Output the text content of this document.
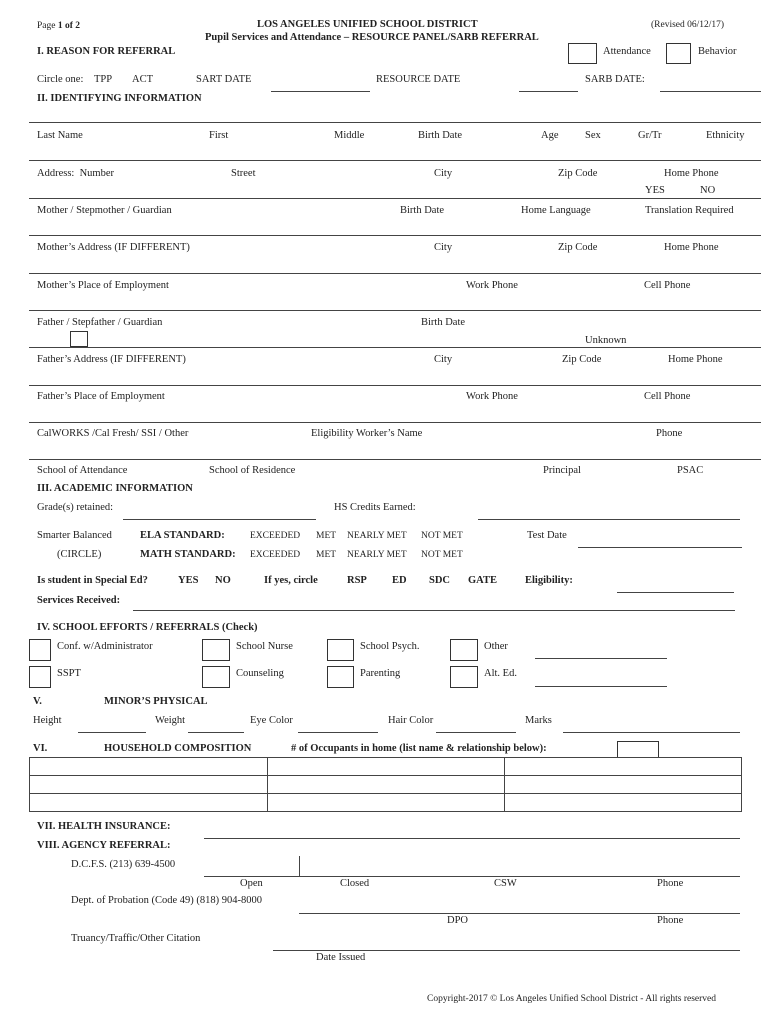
Page 1 of 2	LOS ANGELES UNIFIED SCHOOL DISTRICT
Pupil Services and Attendance – RESOURCE PANEL/SARB REFERRAL
(Revised 06/12/17)
I. REASON FOR REFERRAL	Attendance	Behavior
Circle one: TPP ACT	SART DATE	RESOURCE DATE	SARB DATE:
II. IDENTIFYING INFORMATION
Last Name	First	Middle	Birth Date	Age	Sex	Gr/Tr	Ethnicity
Address: Number	Street	City	Zip Code	Home Phone
YES	NO
Mother / Stepmother / Guardian	Birth Date	Home Language	Translation Required
Mother’s Address (IF DIFFERENT)	City	Zip Code	Home Phone
Mother’s Place of Employment	Work Phone	Cell Phone
Father / Stepfather / Guardian	Birth Date
Unknown
Father’s Address (IF DIFFERENT)	City	Zip Code	Home Phone
Father’s Place of Employment	Work Phone	Cell Phone
CalWORKS /Cal Fresh/ SSI / Other	Eligibility Worker’s Name	Phone
School of Attendance	School of Residence	Principal	PSAC
III. ACADEMIC INFORMATION
Grade(s) retained:	HS Credits Earned:
Smarter Balanced
(CIRCLE)
ELA STANDARD:	EXCEEDED MET NEARLY MET NOT MET	Test Date
MATH STANDARD: EXCEEDED MET NEARLY MET NOT MET
Is student in Special Ed?	YES NO	If yes, circle	RSP ED SDC GATE	Eligibility:
Services Received:
IV. SCHOOL EFFORTS / REFERRALS (Check)
Conf. w/Administrator	School Nurse	School Psych.	Other
SSPT	Counseling	Parenting	Alt. Ed.
V.	MINOR’S PHYSICAL
Height	Weight	Eye Color	Hair Color	Marks
VI.	HOUSEHOLD COMPOSITION	# of Occupants in home (list name & relationship below):

VII. HEALTH INSURANCE:
VIII. AGENCY REFERRAL:
D.C.F.S. (213) 639-4500
Open	Closed	CSW	Phone
Dept. of Probation (Code 49) (818) 904-8000
DPO	Phone
Truancy/Traffic/Other Citation
Date Issued
Copyright-2017 © Los Angeles Unified School District - All rights reserved
